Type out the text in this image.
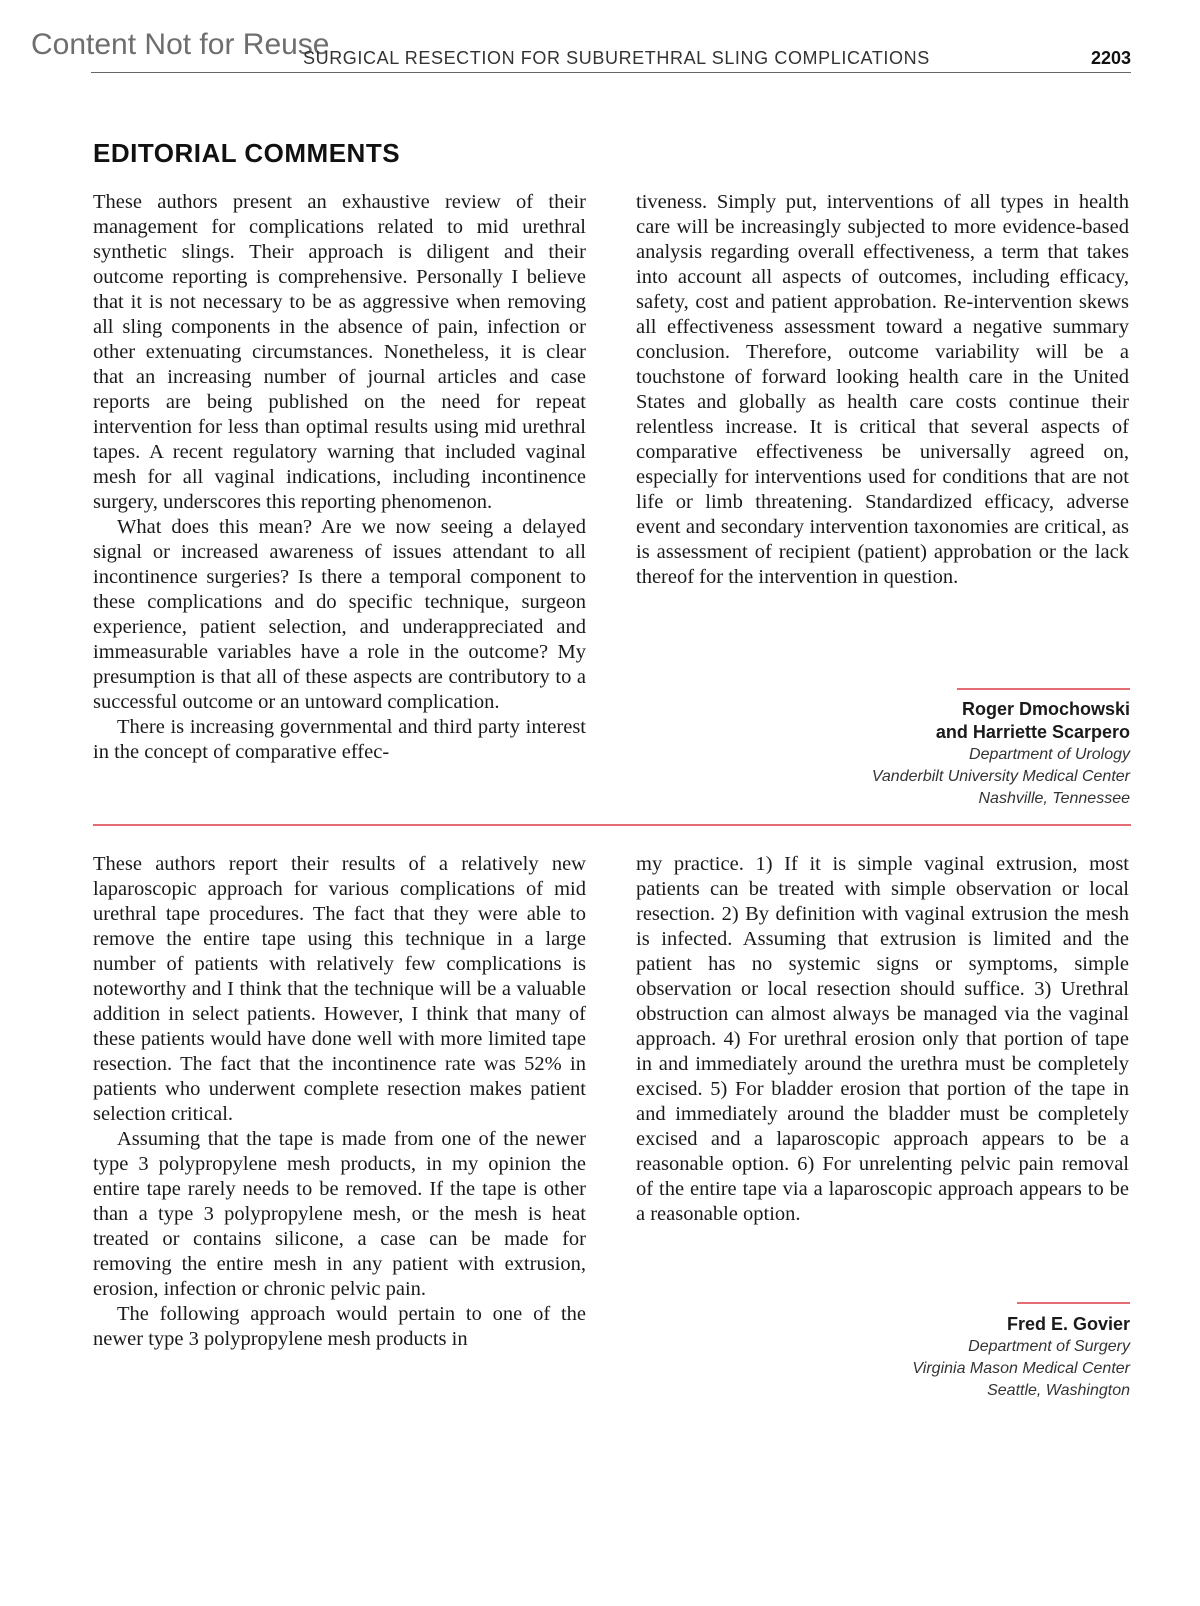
Content Not for Reuse
SURGICAL RESECTION FOR SUBURETHRAL SLING COMPLICATIONS	2203
EDITORIAL COMMENTS

These authors present an exhaustive review of their management for complications related to mid urethral synthetic slings. Their approach is diligent and their outcome reporting is comprehensive. Personally I believe that it is not necessary to be as aggressive when removing all sling components in the absence of pain, infection or other extenuating circumstances. Nonetheless, it is clear that an increasing number of journal articles and case reports are being published on the need for repeat intervention for less than optimal results using mid urethral tapes. A recent regulatory warning that included vaginal mesh for all vaginal indications, including incontinence surgery, underscores this reporting phenomenon.

What does this mean? Are we now seeing a delayed signal or increased awareness of issues attendant to all incontinence surgeries? Is there a temporal component to these complications and do specific technique, surgeon experience, patient selection, and underappreciated and immeasurable variables have a role in the outcome? My presumption is that all of these aspects are contributory to a successful outcome or an untoward complication.

There is increasing governmental and third party interest in the concept of comparative effec-

tiveness. Simply put, interventions of all types in health care will be increasingly subjected to more evidence-based analysis regarding overall effectiveness, a term that takes into account all aspects of outcomes, including efficacy, safety, cost and patient approbation. Re-intervention skews all effectiveness assessment toward a negative summary conclusion. Therefore, outcome variability will be a touchstone of forward looking health care in the United States and globally as health care costs continue their relentless increase. It is critical that several aspects of comparative effectiveness be universally agreed on, especially for interventions used for conditions that are not life or limb threatening. Standardized efficacy, adverse event and secondary intervention taxonomies are critical, as is assessment of recipient (patient) approbation or the lack thereof for the intervention in question.

Roger Dmochowski
and Harriette Scarpero
Department of Urology
Vanderbilt University Medical Center
Nashville, Tennessee

These authors report their results of a relatively new laparoscopic approach for various complications of mid urethral tape procedures. The fact that they were able to remove the entire tape using this technique in a large number of patients with relatively few complications is noteworthy and I think that the technique will be a valuable addition in select patients. However, I think that many of these patients would have done well with more limited tape resection. The fact that the incontinence rate was 52% in patients who underwent complete resection makes patient selection critical.

Assuming that the tape is made from one of the newer type 3 polypropylene mesh products, in my opinion the entire tape rarely needs to be removed. If the tape is other than a type 3 polypropylene mesh, or the mesh is heat treated or contains silicone, a case can be made for removing the entire mesh in any patient with extrusion, erosion, infection or chronic pelvic pain.

The following approach would pertain to one of the newer type 3 polypropylene mesh products in

my practice. 1) If it is simple vaginal extrusion, most patients can be treated with simple observation or local resection. 2) By definition with vaginal extrusion the mesh is infected. Assuming that extrusion is limited and the patient has no systemic signs or symptoms, simple observation or local resection should suffice. 3) Urethral obstruction can almost always be managed via the vaginal approach. 4) For urethral erosion only that portion of tape in and immediately around the urethra must be completely excised. 5) For bladder erosion that portion of the tape in and immediately around the bladder must be completely excised and a laparoscopic approach appears to be a reasonable option. 6) For unrelenting pelvic pain removal of the entire tape via a laparoscopic approach appears to be a reasonable option.

Fred E. Govier
Department of Surgery
Virginia Mason Medical Center
Seattle, Washington
